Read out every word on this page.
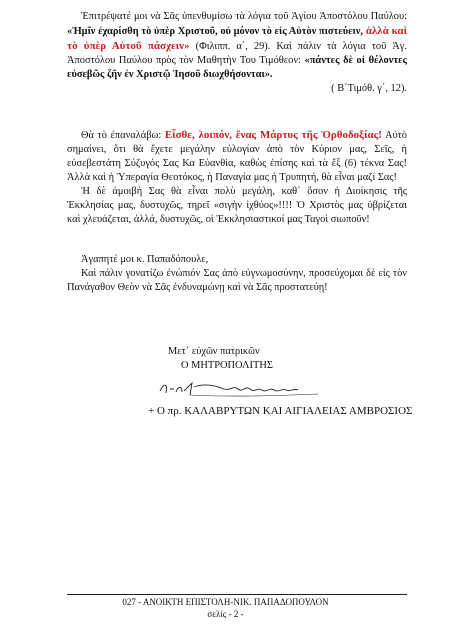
Ἐπιτρέψατέ μοι νὰ Σᾶς ὑπενθυμίσω τὰ λόγια τοῦ Ἁγίου Ἀποστόλου Παύλου: «Ἡμῖν ἐχαρίσθη τὸ ὑπὲρ Χριστοῦ, οὐ μόνον τὸ εἰς Αὐτὸν πιστεύειν, ἀλλὰ καὶ τὸ ὑπὲρ Αὐτοῦ πάσχειν» (Φιλιππ. α΄, 29). Καὶ πάλιν τὰ λόγια τοῦ Ἀγ. Ἀποστόλου Παύλου πρὸς τὸν Μαθητὴν Του Τιμόθεον: «πάντες δὲ οἱ θέλοντες εὐσεβῶς ζῆν ἐν Χριστῷ Ἰησοῦ διωχθήσονται».

( Β΄Τιμόθ. γ΄, 12).

Θὰ τὸ ἐπαναλάβω: Εἶσθε, λοιπόν, ἕνας Μάρτυς τῆς Ὀρθοδοξίας! Αὐτὸ σημαίνει, ὅτι θὰ ἔχετε μεγάλην εὐλογίαν ἀπὸ τὸν Κύριον μας, Σεῖς, ἡ εὐσεβεστάτη Σύζυγός Σας Κα Εὐανθία, καθὼς ἐπίσης καὶ τὰ ἕξ (6) τέκνα Σας! Ἀλλὰ καὶ ἡ Ὑπεραγία Θεοτόκος, ἡ Παναγία μας ἡ Τρυπητή, θὰ εἶναι μαζί Σας!

Ἡ δὲ ἀμοιβὴ Σας θὰ εἶναι πολὺ μεγάλη, καθ᾽ ὅσον ἡ Διοίκησις τῆς Ἐκκλησίας μας, δυστυχῶς, τηρεῖ «σιγὴν ἰχθύος»!!!! Ὁ Χριστὸς μας ὑβρίζεται καὶ χλευάζεται, ἀλλά, δυστυχῶς, οἱ Ἐκκλησιαστικοί μας Ταγοὶ σιωποῦν!

Ἀγαπητέ μοι κ. Παπαδόπουλε,

Καὶ πάλιν γονατίζω ἐνώπιόν Σας ἀπὸ εὐγνωμοσύνην, προσεύχομαι δὲ εἰς τὸν Πανάγαθον Θεὸν νὰ Σᾶς ἐνδυναμώνῃ καὶ νὰ Σᾶς προστατεύῃ!

Μετ᾽ εὐχῶν πατρικῶν
Ο ΜΗΤΡΟΠΟΛΙΤΗΣ
+ Ο πρ. ΚΑΛΑΒΡΥΤΩΝ ΚΑΙ ΑΙΓΙΑΛΕΙΑΣ ΑΜΒΡΟΣΙΟΣ
027 - ΑΝΟΙΚΤΗ ΕΠΙΣΤΟΛΗ-ΝΙΚ. ΠΑΠΑΔΟΠΟΥΛΟΝ
σελίς - 2 -
